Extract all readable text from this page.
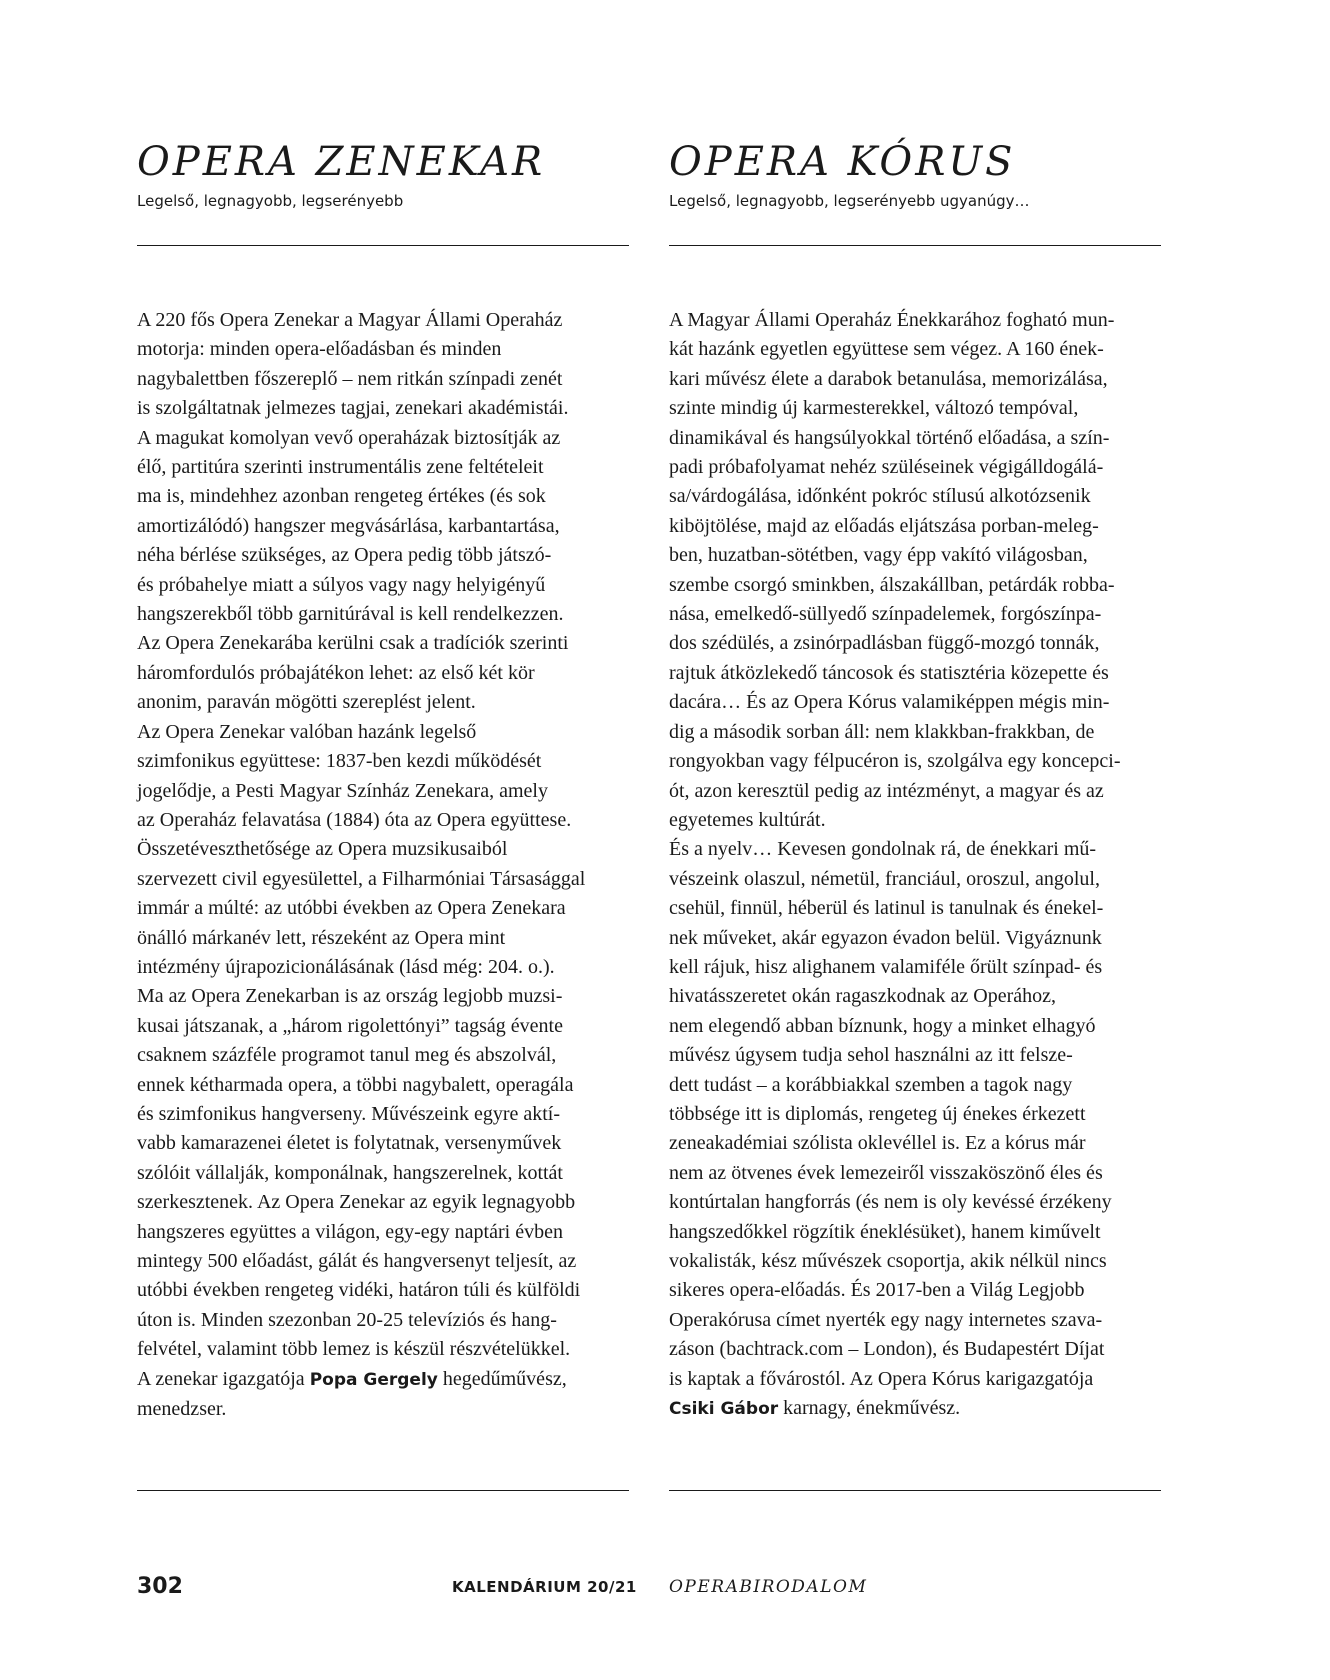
OPERA ZENEKAR
Legelső, legnagyobb, legserényebb
A 220 fős Opera Zenekar a Magyar Állami Operaház
motorja: minden opera-előadásban és minden
nagybalettben főszereplő – nem ritkán színpadi zenét
is szolgáltatnak jelmezes tagjai, zenekari akadémistái.
A magukat komolyan vevő operaházak biztosítják az
élő, partitúra szerinti instrumentális zene feltételeit
ma is, mindehhez azonban rengeteg értékes (és sok
amortizálódó) hangszer megvásárlása, karbantartása,
néha bérlése szükséges, az Opera pedig több játszó-
és próbahelye miatt a súlyos vagy nagy helyigényű
hangszerekből több garnitúrával is kell rendelkezzen.
Az Opera Zenekarába kerülni csak a tradíciók szerinti
háromfordulós próbajátékon lehet: az első két kör
anonim, paraván mögötti szereplést jelent.
Az Opera Zenekar valóban hazánk legelső
szimfonikus együttese: 1837-ben kezdi működését
jogelődje, a Pesti Magyar Színház Zenekara, amely
az Operaház felavatása (1884) óta az Opera együttese.
Összetéveszthetősége az Opera muzsikusaiból
szervezett civil egyesülettel, a Filharmóniai Társasággal
immár a múlté: az utóbbi években az Opera Zenekara
önálló márkanév lett, részeként az Opera mint
intézmény újrapozicionálásának (lásd még: 204. o.).
Ma az Opera Zenekarban is az ország legjobb muzsi-
kusai játszanak, a „három rigolettónyi” tagság évente
csaknem százféle programot tanul meg és abszolvál,
ennek kétharmada opera, a többi nagybalett, operagála
és szimfonikus hangverseny. Művészeink egyre aktí-
vabb kamarazenei életet is folytatnak, versenyművek
szólóit vállalják, komponálnak, hangszerelnek, kottát
szerkesztenek. Az Opera Zenekar az egyik legnagyobb
hangszeres együttes a világon, egy-egy naptári évben
mintegy 500 előadást, gálát és hangversenyt teljesít, az
utóbbi években rengeteg vidéki, határon túli és külföldi
úton is. Minden szezonban 20-25 televíziós és hang-
felvétel, valamint több lemez is készül részvételükkel.
A zenekar igazgatója Popa Gergely hegedűművész,
menedzser.
OPERA KÓRUS
Legelső, legnagyobb, legserényebb ugyanúgy…
A Magyar Állami Operaház Énekkarához fogható mun-
kát hazánk egyetlen együttese sem végez. A 160 ének-
kari művész élete a darabok betanulása, memorizálása,
szinte mindig új karmesterekkel, változó tempóval,
dinamikával és hangsúlyokkal történő előadása, a szín-
padi próbafolyamat nehéz szüléseinek végigálldogálá-
sa/várdogálása, időnként pokróc stílusú alkotózsenik
kiböjtölése, majd az előadás eljátszása porban-meleg-
ben, huzatban-sötétben, vagy épp vakító világosban,
szembe csorgó sminkben, álszakállban, petárdák robba-
nása, emelkedő-süllyedő színpadelemek, forgószínpa-
dos szédülés, a zsinórpadlásban függő-mozgó tonnák,
rajtuk átközlekedő táncosok és statisztéria közepette és
dacára… És az Opera Kórus valamiképpen mégis min-
dig a második sorban áll: nem klakkban-frakkban, de
rongyokban vagy félpucéron is, szolgálva egy koncepci-
ót, azon keresztül pedig az intézményt, a magyar és az
egyetemes kultúrát.
És a nyelv… Kevesen gondolnak rá, de énekkari mű-
vészeink olaszul, németül, franciául, oroszul, angolul,
csehül, finnül, héberül és latinul is tanulnak és énekel-
nek műveket, akár egyazon évadon belül. Vigyáznunk
kell rájuk, hisz alighanem valamiféle őrült színpad- és
hivatásszeretet okán ragaszkodnak az Operához,
nem elegendő abban bíznunk, hogy a minket elhagyó
művész úgysem tudja sehol használni az itt felsze-
dett tudást – a korábbiakkal szemben a tagok nagy
többsége itt is diplomás, rengeteg új énekes érkezett
zeneakadémiai szólista oklevéllel is. Ez a kórus már
nem az ötvenes évek lemezeiről visszaköszönő éles és
kontúrtalan hangforrás (és nem is oly kevéssé érzékeny
hangszedőkkel rögzítik éneklésüket), hanem kiművelt
vokalisták, kész művészek csoportja, akik nélkül nincs
sikeres opera-előadás. És 2017-ben a Világ Legjobb
Operakórusa címet nyerték egy nagy internetes szava-
záson (bachtrack.com – London), és Budapestért Díjat
is kaptak a fővárostól. Az Opera Kórus karigazgatója
Csiki Gábor karnagy, énekművész.
302	KALENDÁRIUM 20/21 OPERABIRODALOM
